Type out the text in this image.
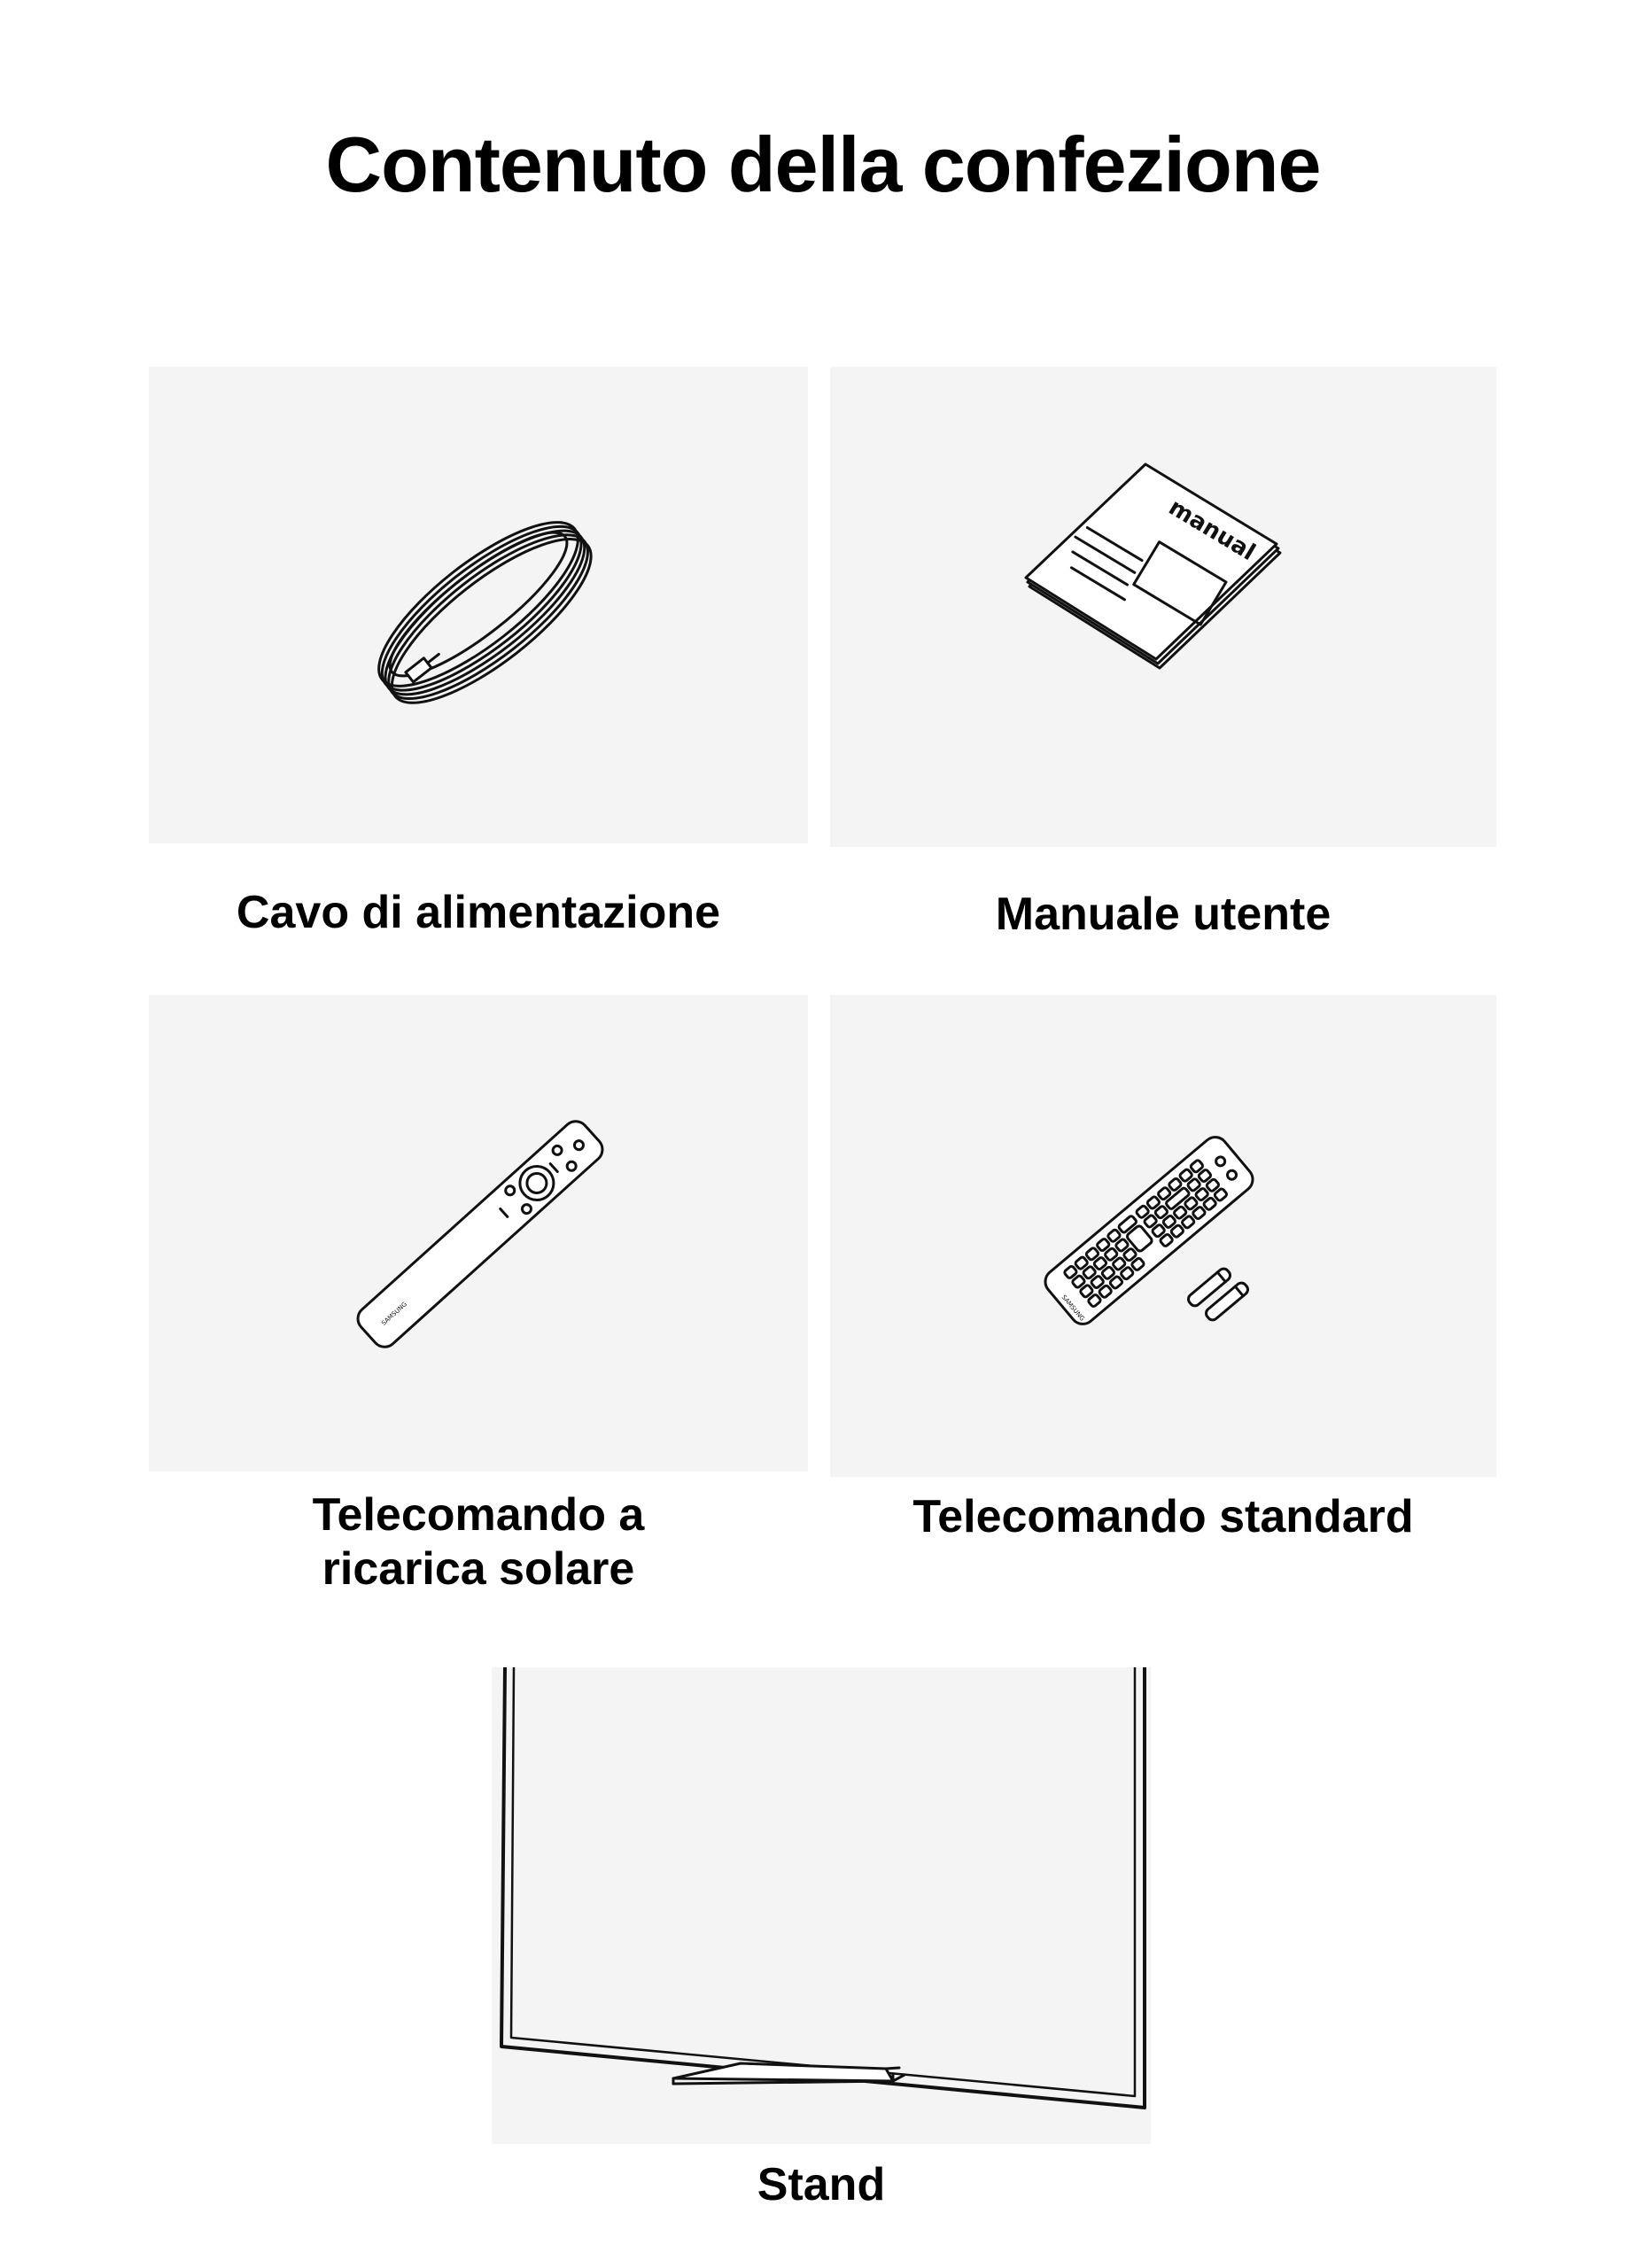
Contenuto della confezione

Cavo di alimentazione

manual

Manuale utente

SAMSUNG

Telecomando a
ricarica solare

SAMSUNG

Telecomando standard

Stand
